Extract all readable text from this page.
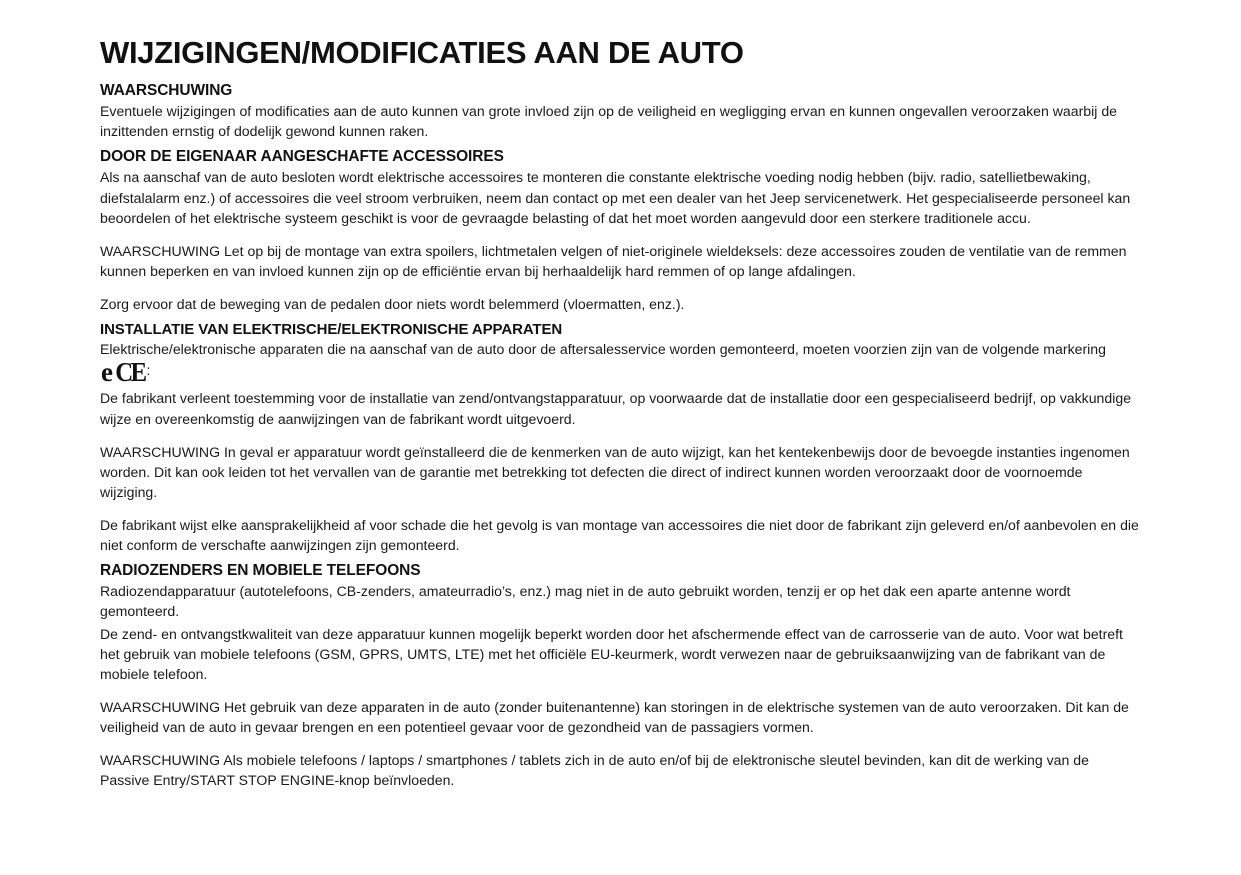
WIJZIGINGEN/MODIFICATIES AAN DE AUTO
WAARSCHUWING

Eventuele wijzigingen of modificaties aan de auto kunnen van grote invloed zijn op de veiligheid en wegligging ervan en kunnen ongevallen veroorzaken waarbij de inzittenden ernstig of dodelijk gewond kunnen raken.

DOOR DE EIGENAAR AANGESCHAFTE ACCESSOIRES

Als na aanschaf van de auto besloten wordt elektrische accessoires te monteren die constante elektrische voeding nodig hebben (bijv. radio, satellietbewaking, diefstalalarm enz.) of accessoires die veel stroom verbruiken, neem dan contact op met een dealer van het Jeep servicenetwerk. Het gespecialiseerde personeel kan beoordelen of het elektrische systeem geschikt is voor de gevraagde belasting of dat het moet worden aangevuld door een sterkere traditionele accu.

WAARSCHUWING Let op bij de montage van extra spoilers, lichtmetalen velgen of niet-originele wieldeksels: deze accessoires zouden de ventilatie van de remmen kunnen beperken en van invloed kunnen zijn op de efficiëntie ervan bij herhaaldelijk hard remmen of op lange afdalingen.

Zorg ervoor dat de beweging van de pedalen door niets wordt belemmerd (vloermatten, enz.).

INSTALLATIE VAN ELEKTRISCHE/ELEKTRONISCHE APPARATEN

Elektrische/elektronische apparaten die na aanschaf van de auto door de aftersalesservice worden gemonteerd, moeten voorzien zijn van de volgende markering
e CE :

De fabrikant verleent toestemming voor de installatie van zend/ontvangstapparatuur, op voorwaarde dat de installatie door een gespecialiseerd bedrijf, op vakkundige wijze en overeenkomstig de aanwijzingen van de fabrikant wordt uitgevoerd.

WAARSCHUWING In geval er apparatuur wordt geïnstalleerd die de kenmerken van de auto wijzigt, kan het kentekenbewijs door de bevoegde instanties ingenomen worden. Dit kan ook leiden tot het vervallen van de garantie met betrekking tot defecten die direct of indirect kunnen worden veroorzaakt door de voornoemde wijziging.

De fabrikant wijst elke aansprakelijkheid af voor schade die het gevolg is van montage van accessoires die niet door de fabrikant zijn geleverd en/of aanbevolen en die niet conform de verschafte aanwijzingen zijn gemonteerd.

RADIOZENDERS EN MOBIELE TELEFOONS

Radiozendapparatuur (autotelefoons, CB-zenders, amateurradio’s, enz.) mag niet in de auto gebruikt worden, tenzij er op het dak een aparte antenne wordt gemonteerd.

De zend- en ontvangstkwaliteit van deze apparatuur kunnen mogelijk beperkt worden door het afschermende effect van de carrosserie van de auto. Voor wat betreft het gebruik van mobiele telefoons (GSM, GPRS, UMTS, LTE) met het officiële EU-keurmerk, wordt verwezen naar de gebruiksaanwijzing van de fabrikant van de mobiele telefoon.

WAARSCHUWING Het gebruik van deze apparaten in de auto (zonder buitenantenne) kan storingen in de elektrische systemen van de auto veroorzaken. Dit kan de veiligheid van de auto in gevaar brengen en een potentieel gevaar voor de gezondheid van de passagiers vormen.

WAARSCHUWING Als mobiele telefoons / laptops / smartphones / tablets zich in de auto en/of bij de elektronische sleutel bevinden, kan dit de werking van de Passive Entry/START STOP ENGINE-knop beïnvloeden.
